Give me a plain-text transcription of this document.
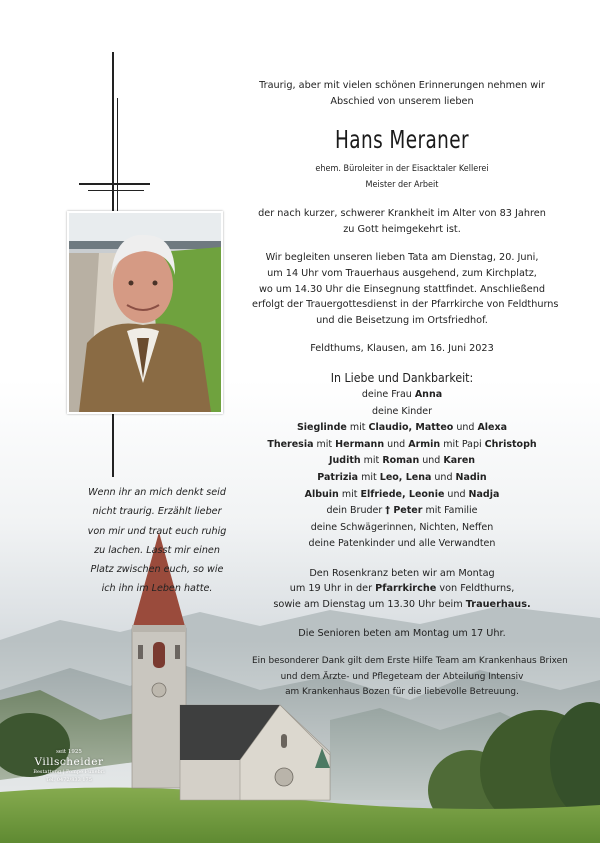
Wenn ihr an mich denkt seid
nicht traurig. Erzählt lieber
von mir und traut euch ruhig
zu lachen. Lasst mir einen
Platz zwischen euch, so wie
ich ihn im Leben hatte.
Traurig, aber mit vielen schönen Erinnerungen nehmen wir
Abschied von unserem lieben
Hans Meraner
ehem. Büroleiter in der Eisacktaler Kellerei
Meister der Arbeit
der nach kurzer, schwerer Krankheit im Alter von 83 Jahren
zu Gott heimgekehrt ist.
Wir begleiten unseren lieben Tata am Dienstag, 20. Juni,
um 14 Uhr vom Trauerhaus ausgehend, zum Kirchplatz,
wo um 14.30 Uhr die Einsegnung stattfindet. Anschließend
erfolgt der Trauergottesdienst in der Pfarrkirche von Feldthurns
und die Beisetzung im Ortsfriedhof.
Feldthums, Klausen, am 16. Juni 2023
In Liebe und Dankbarkeit:
deine Frau Anna
deine Kinder
Sieglinde mit Claudio, Matteo und Alexa
Theresia mit Hermann und Armin mit Papi Christoph
Judith mit Roman und Karen
Patrizia mit Leo, Lena und Nadin
Albuin mit Elfriede, Leonie und Nadja
dein Bruder † Peter mit Familie
deine Schwägerinnen, Nichten, Neffen
deine Patenkinder und alle Verwandten
Den Rosenkranz beten wir am Montag
um 19 Uhr in der Pfarrkirche von Feldthurns,
sowie am Dienstag um 13.30 Uhr beim Trauerhaus.
Die Senioren beten am Montag um 17 Uhr.
Ein besonderer Dank gilt dem Erste Hilfe Team am Krankenhaus Brixen
und dem Ärzte- und Pflegeteam der Abteilung Intensiv
am Krankenhaus Bozen für die liebevolle Betreuung.
seit 1925
Villscheider
Bestattung | Pompe Funebri
Tel. 0472/833 175
